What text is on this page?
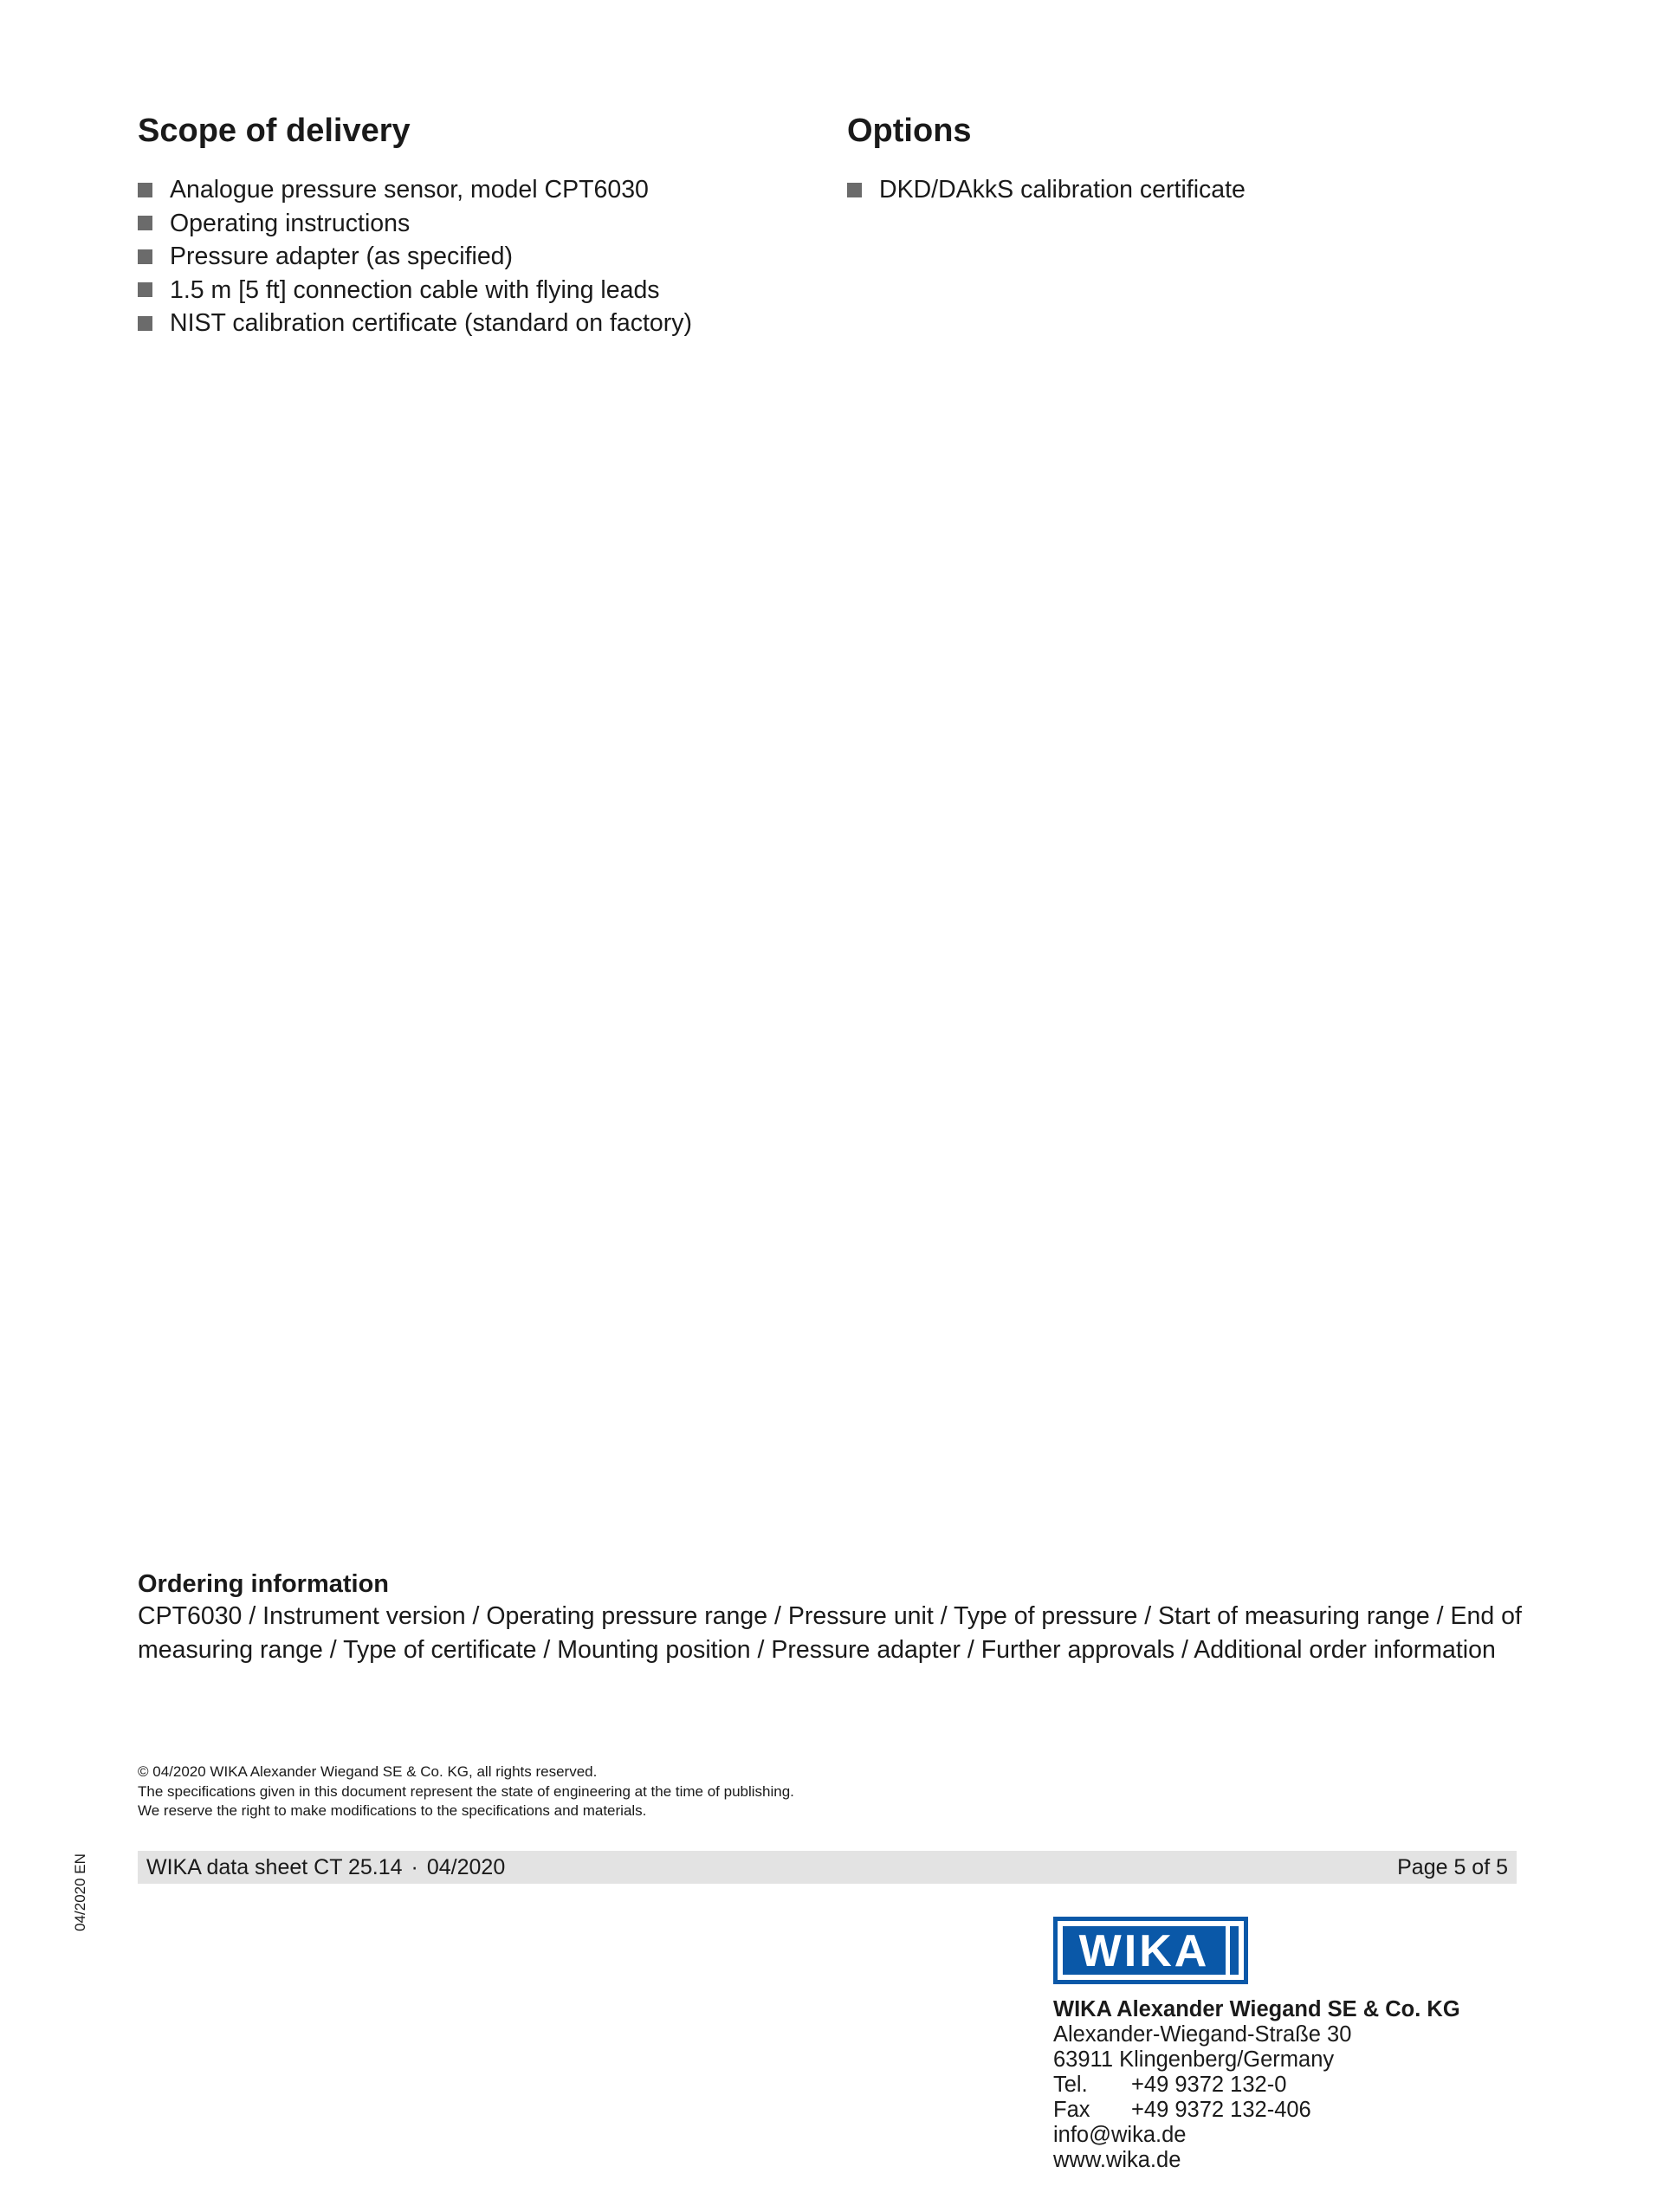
Scope of delivery
Analogue pressure sensor, model CPT6030
Operating instructions
Pressure adapter (as specified)
1.5 m [5 ft] connection cable with flying leads
NIST calibration certificate (standard on factory)
Options
DKD/DAkkS calibration certificate
Ordering information

CPT6030 / Instrument version / Operating pressure range / Pressure unit / Type of pressure / Start of measuring range / End of measuring range / Type of certificate / Mounting position / Pressure adapter / Further approvals / Additional order information

© 04/2020 WIKA Alexander Wiegand SE & Co. KG, all rights reserved.
The specifications given in this document represent the state of engineering at the time of publishing.
We reserve the right to make modifications to the specifications and materials.
WIKA data sheet CT 25.14 · 04/2020	Page 5 of 5
04/2020 EN
WIKA
WIKA Alexander Wiegand SE & Co. KG
Alexander-Wiegand-Straße 30
63911 Klingenberg/Germany
Tel.	+49 9372 132-0
Fax	+49 9372 132-406
info@wika.de
www.wika.de
